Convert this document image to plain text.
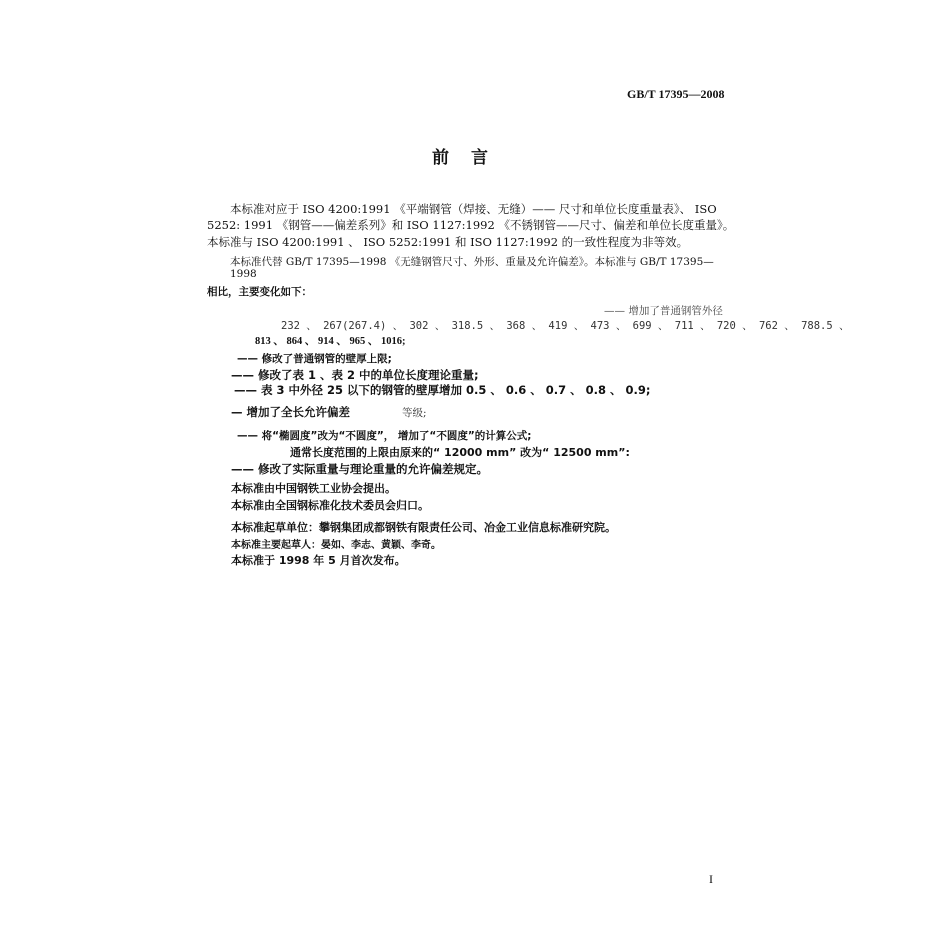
GB/T 17395—2008
前言
本标准对应于 ISO 4200:1991 《平端钢管（焊接、无缝）—— 尺寸和单位长度重量表》、 ISO
5252: 1991 《钢管——偏差系列》和 ISO 1127:1992 《不锈钢管——尺寸、偏差和单位长度重量》。
本标准与 ISO 4200:1991 、 ISO 5252:1991 和 ISO 1127:1992 的一致性程度为非等效。
本标准代替 GB/T 17395—1998 《无缝钢管尺寸、外形、重量及允许偏差》。本标准与 GB/T 17395—
1998
相比，主要变化如下：
—— 增加了普通钢管外径
232 、 267(267.4) 、 302 、 318.5 、 368 、 419 、 473 、 699 、 711 、 720 、 762 、 788.5 、
813 、 864 、 914 、 965 、 1016;
—— 修改了普通钢管的壁厚上限;
—— 修改了表 1 、表 2 中的单位长度理论重量;
—— 表 3 中外径 25 以下的钢管的壁厚增加 0.5 、 0.6 、 0.7 、 0.8 、 0.9;
— 增加了全长允许偏差	等级;
—— 将“椭圆度”改为“不圆度”， 增加了“不圆度”的计算公式;
通常长度范围的上限由原来的“ 12000 mm” 改为“ 12500 mm”:
—— 修改了实际重量与理论重量的允许偏差规定。
本标准由中国钢铁工业协会提出。
本标准由全国钢标准化技术委员会归口。
本标准起草单位：攀钢集团成都钢铁有限责任公司、冶金工业信息标准研究院。
本标准主要起草人：晏如、李志、黄颖、李奇。
本标准于 1998 年 5 月首次发布。
I
